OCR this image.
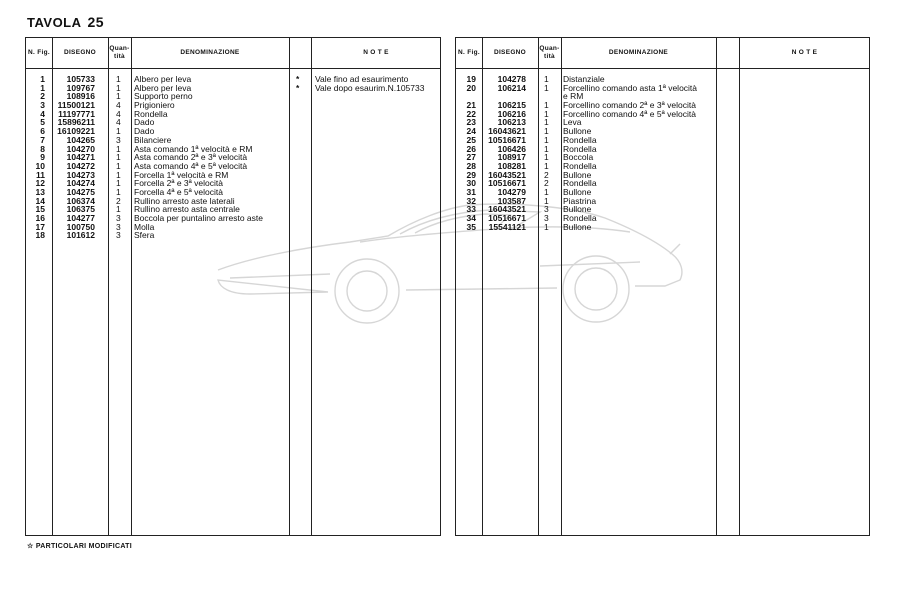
TAVOLA 25
N. Fig.	DISEGNO
Quan-tità
DENOMINAZIONE	N O T E
1	105733 1 Albero per leva	* Vale fino ad esaurimento
1	109767 1 Albero per leva	* Vale dopo esaurim.N.105733
2	108916 1 Supporto perno
3 11500121 4 Prigioniero
4 11197771 4 Rondella
5 15896211 4 Dado
6 16109221 1 Dado
7	104265 3 Bilanciere
8	104270 1 Asta comando 1ª velocità e RM
9	104271 1 Asta comando 2ª e 3ª velocità
10	104272 1 Asta comando 4ª e 5ª velocità
11	104273 1 Forcella 1ª velocità e RM
12	104274 1 Forcella 2ª e 3ª velocità
13	104275 1 Forcella 4ª e 5ª velocità
14	106374 2 Rullino arresto aste laterali
15	106375 1 Rullino arresto asta centrale
16	104277 3 Boccola per puntalino arresto aste
17	100750 3 Molla
18	101612 3 Sfera
N. Fig.	DISEGNO
Quan-tità
DENOMINAZIONE	N O T E
19	104278 1 Distanziale
20	106214 1 Forcellino comando asta 1ª velocità
e RM
21	106215 1 Forcellino comando 2ª e 3ª velocità
22	106216 1 Forcellino comando 4ª e 5ª velocità
23	106213 1 Leva
24 16043621 1 Bullone
25 10516671 1 Rondella
26	106426 1 Rondella
27	108917 1 Boccola
28	108281 1 Rondella
29 16043521 2 Bullone
30 10516671 2 Rondella
31	104279 1 Bullone
32	103587 1 Piastrina
33 16043521 3 Bullone
34 10516671 3 Rondella
35 15541121 1 Bullone
☆ PARTICOLARI MODIFICATI
